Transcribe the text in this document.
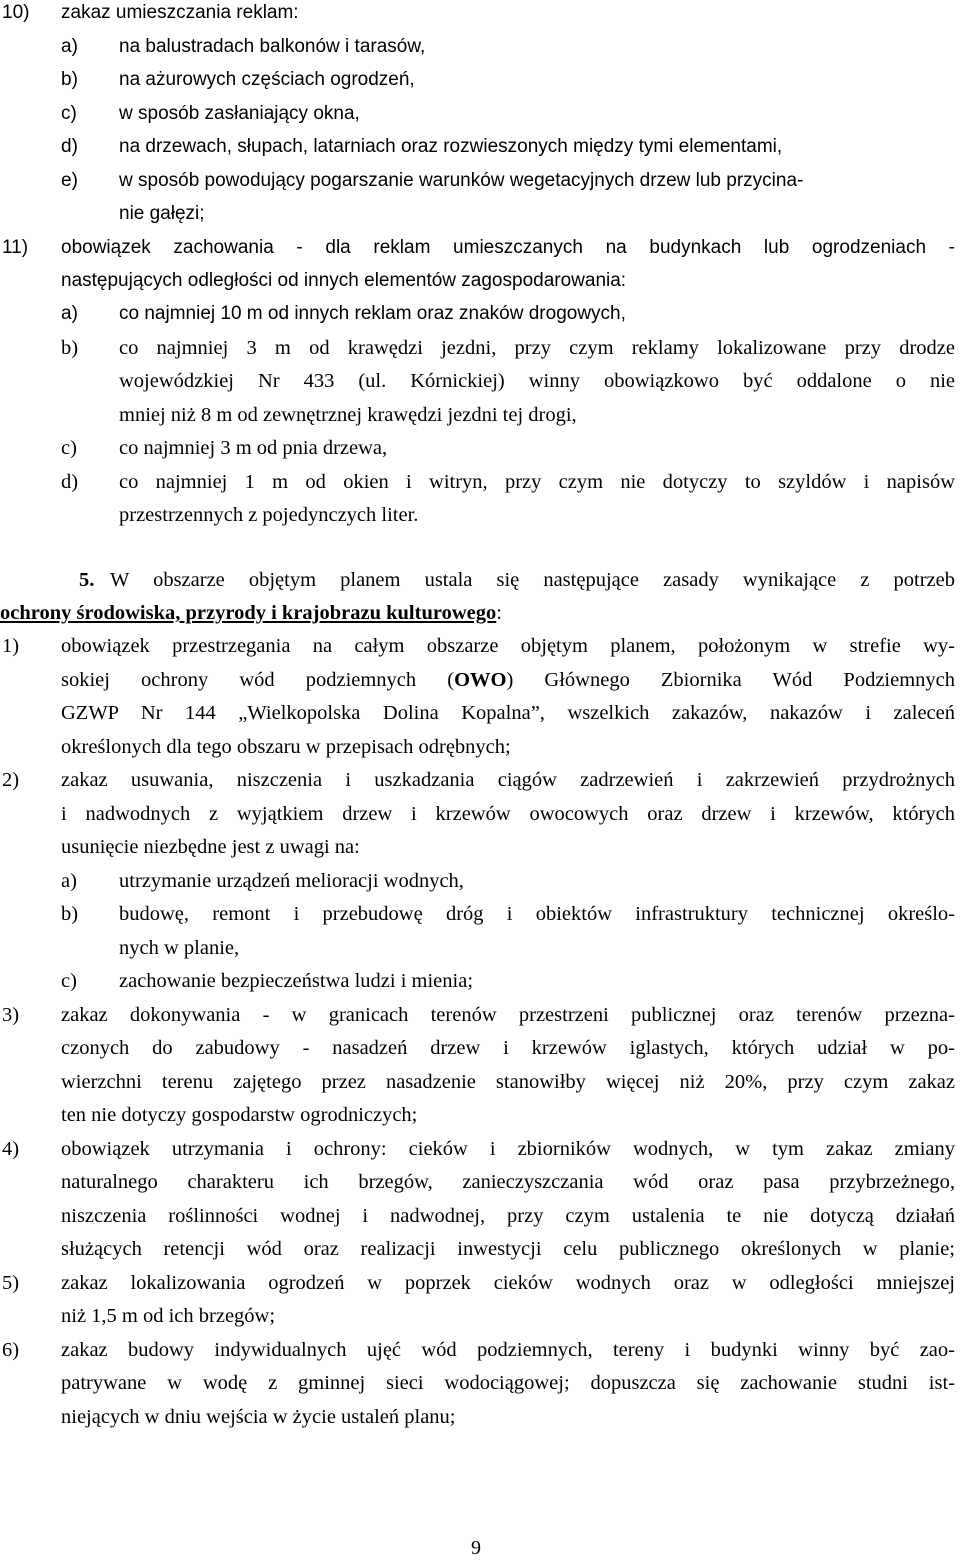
10) zakaz umieszczania reklam:
a) na balustradach balkonów i tarasów,
b) na ażurowych częściach ogrodzeń,
c) w sposób zasłaniający okna,
d) na drzewach, słupach, latarniach oraz rozwieszonych między tymi elementami,
e) w sposób powodujący pogarszanie warunków wegetacyjnych drzew lub przycina-
nie gałęzi;
11) obowiązek zachowania - dla reklam umieszczanych na budynkach lub ogrodzeniach -
następujących odległości od innych elementów zagospodarowania:
a) co najmniej 10 m od innych reklam oraz znaków drogowych,
b) co najmniej 3 m od krawędzi jezdni, przy czym reklamy lokalizowane przy drodze
wojewódzkiej Nr 433 (ul. Kórnickiej) winny obowiązkowo być oddalone o nie
mniej niż 8 m od zewnętrznej krawędzi jezdni tej drogi,
c) co najmniej 3 m od pnia drzewa,
d) co najmniej 1 m od okien i witryn, przy czym nie dotyczy to szyldów i napisów
przestrzennych z pojedynczych liter.
5. W obszarze objętym planem ustala się następujące zasady wynikające z potrzeb
ochrony środowiska, przyrody i krajobrazu kulturowego:
1) obowiązek przestrzegania na całym obszarze objętym planem, położonym w strefie wy-
sokiej ochrony wód podziemnych (OWO) Głównego Zbiornika Wód Podziemnych
GZWP Nr 144 „Wielkopolska Dolina Kopalna”, wszelkich zakazów, nakazów i zaleceń
określonych dla tego obszaru w przepisach odrębnych;
2) zakaz usuwania, niszczenia i uszkadzania ciągów zadrzewień i zakrzewień przydrożnych
i nadwodnych z wyjątkiem drzew i krzewów owocowych oraz drzew i krzewów, których
usunięcie niezbędne jest z uwagi na:
a) utrzymanie urządzeń melioracji wodnych,
b) budowę, remont i przebudowę dróg i obiektów infrastruktury technicznej określo-
nych w planie,
c) zachowanie bezpieczeństwa ludzi i mienia;
3) zakaz dokonywania - w granicach terenów przestrzeni publicznej oraz terenów przezna-
czonych do zabudowy - nasadzeń drzew i krzewów iglastych, których udział w po-
wierzchni terenu zajętego przez nasadzenie stanowiłby więcej niż 20%, przy czym zakaz
ten nie dotyczy gospodarstw ogrodniczych;
4) obowiązek utrzymania i ochrony: cieków i zbiorników wodnych, w tym zakaz zmiany
naturalnego charakteru ich brzegów, zanieczyszczania wód oraz pasa przybrzeżnego,
niszczenia roślinności wodnej i nadwodnej, przy czym ustalenia te nie dotyczą działań
służących retencji wód oraz realizacji inwestycji celu publicznego określonych w planie;
5) zakaz lokalizowania ogrodzeń w poprzek cieków wodnych oraz w odległości mniejszej
niż 1,5 m od ich brzegów;
6) zakaz budowy indywidualnych ujęć wód podziemnych, tereny i budynki winny być zao-
patrywane w wodę z gminnej sieci wodociągowej; dopuszcza się zachowanie studni ist-
niejących w dniu wejścia w życie ustaleń planu;
9
